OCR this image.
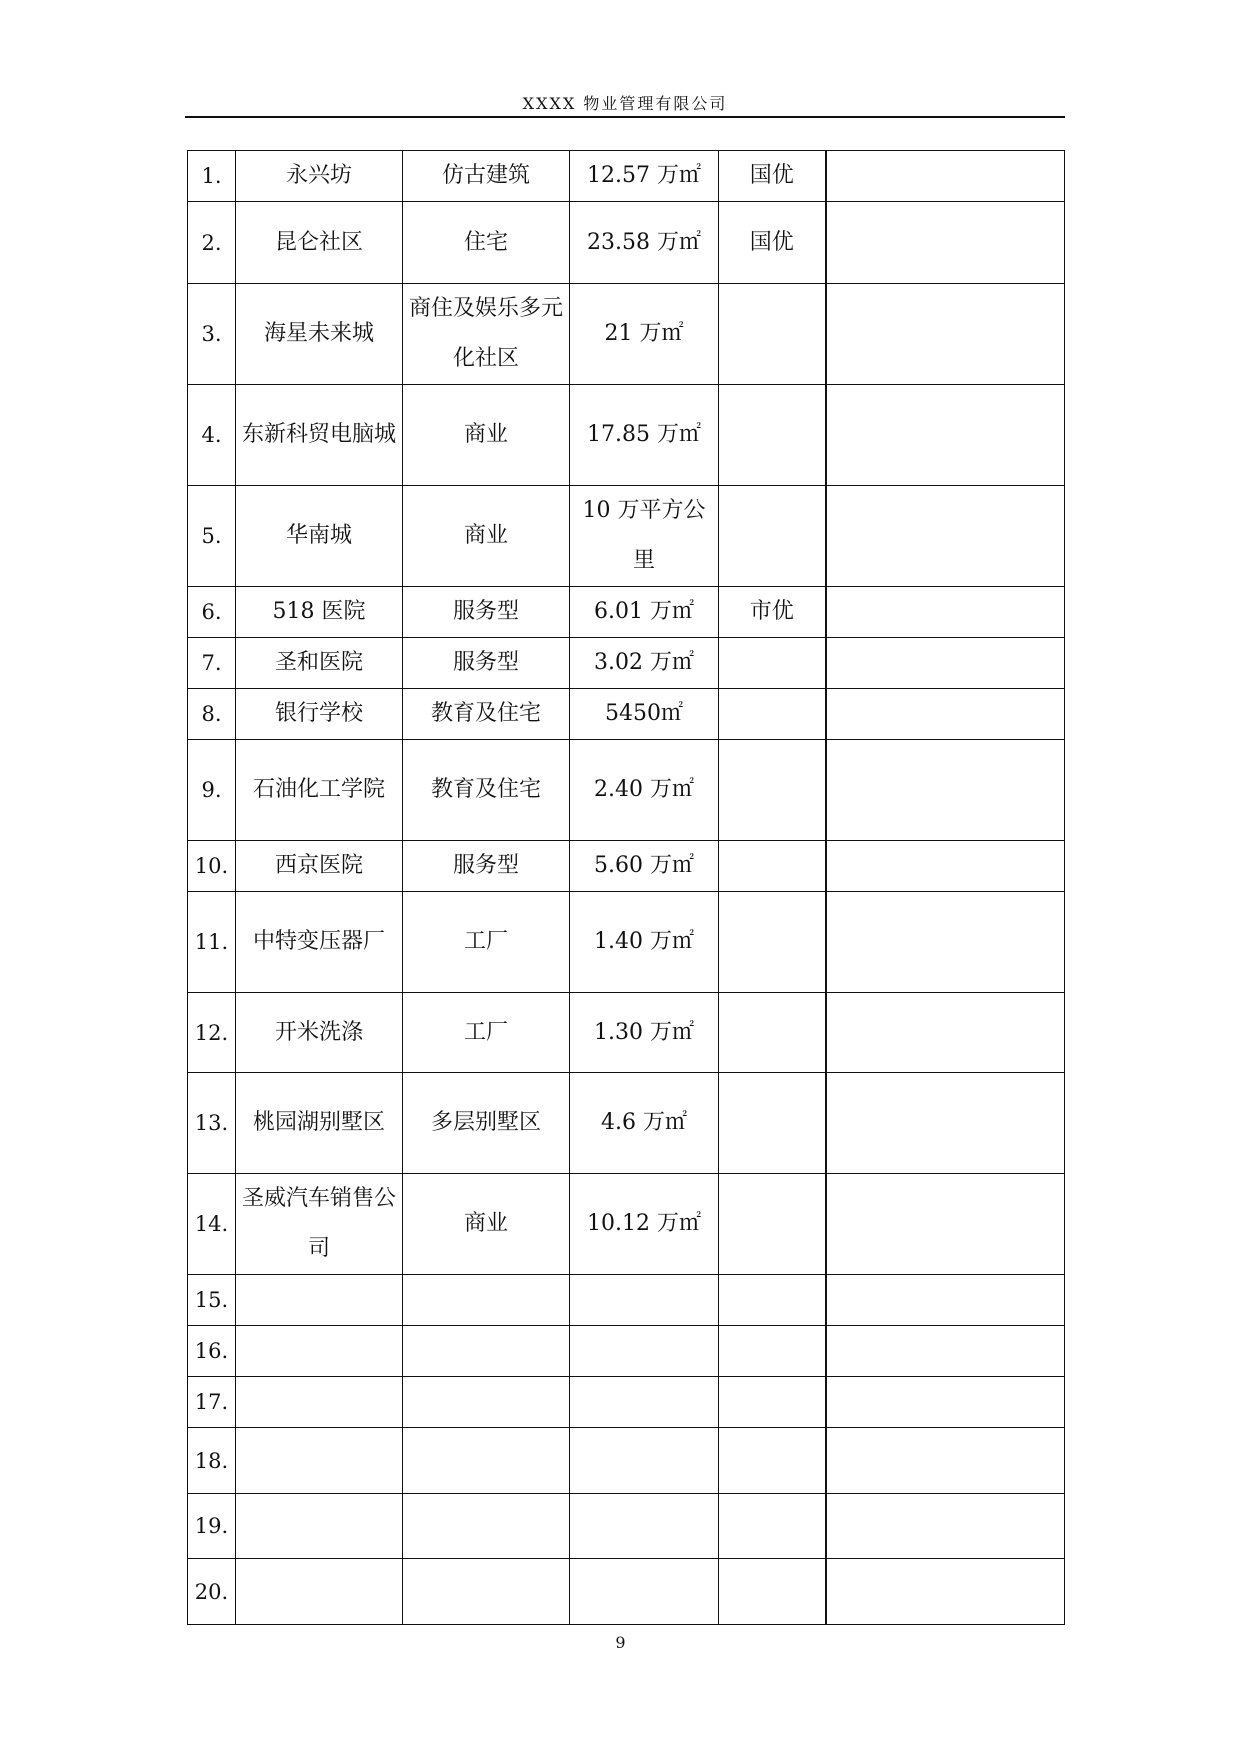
XXXX 物业管理有限公司
1.	永兴坊	仿古建筑	12.57 万㎡	国优	
2.	昆仑社区	住宅	23.58 万㎡	国优	
3.	海星未来城	商住及娱乐多元化社区	21 万㎡		
4.	东新科贸电脑城	商业	17.85 万㎡		
5.	华南城	商业	10 万平方公里		
6.	518 医院	服务型	6.01 万㎡	市优	
7.	圣和医院	服务型	3.02 万㎡		
8.	银行学校	教育及住宅	5450㎡		
9.	石油化工学院	教育及住宅	2.40 万㎡		
10.	西京医院	服务型	5.60 万㎡		
11.	中特变压器厂	工厂	1.40 万㎡		
12.	开米洗涤	工厂	1.30 万㎡		
13.	桃园湖别墅区	多层别墅区	4.6 万㎡		
14.	圣威汽车销售公司	商业	10.12 万㎡		
15.					
16.					
17.					
18.					
19.					
20.					
9
